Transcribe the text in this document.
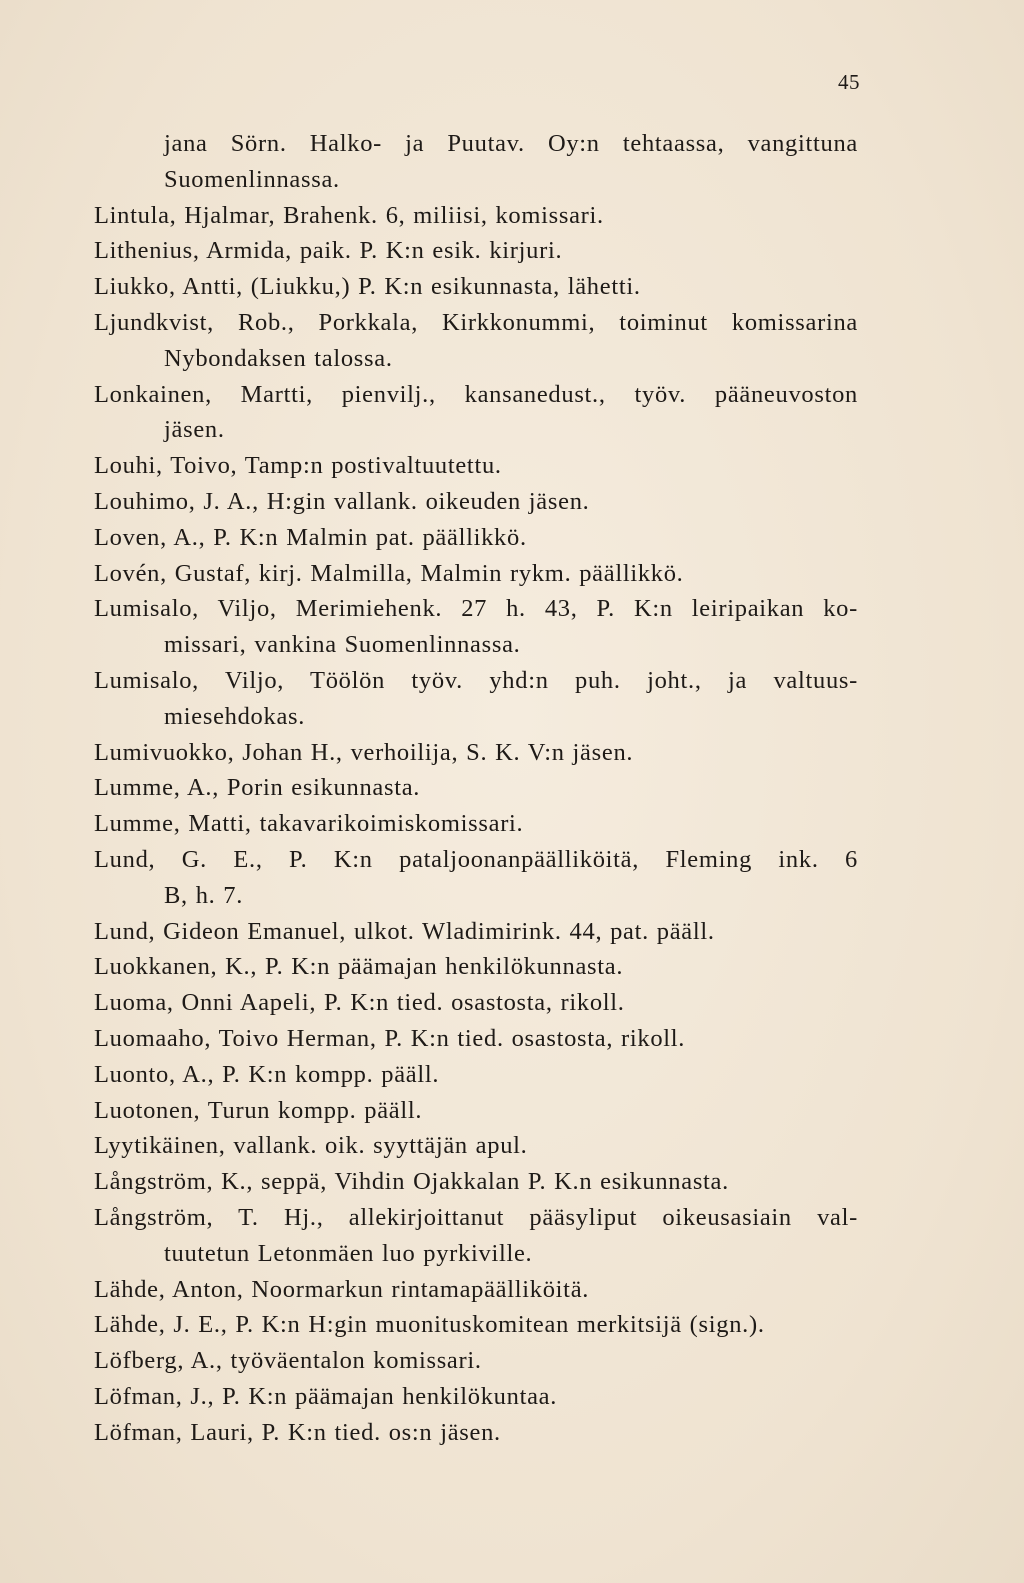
45
jana Sörn. Halko- ja Puutav. Oy:n tehtaassa, vangittuna
Suomenlinnassa.
Lintula, Hjalmar, Brahenk. 6, miliisi, komissari.
Lithenius, Armida, paik. P. K:n esik. kirjuri.
Liukko, Antti, (Liukku,) P. K:n esikunnasta, lähetti.
Ljundkvist, Rob., Porkkala, Kirkkonummi, toiminut komissarina
Nybondaksen talossa.
Lonkainen, Martti, pienvilj., kansanedust., työv. pääneuvoston
jäsen.
Louhi, Toivo, Tamp:n postivaltuutettu.
Louhimo, J. A., H:gin vallank. oikeuden jäsen.
Loven, A., P. K:n Malmin pat. päällikkö.
Lovén, Gustaf, kirj. Malmilla, Malmin rykm. päällikkö.
Lumisalo, Viljo, Merimiehenk. 27 h. 43, P. K:n leiripaikan ko-
missari, vankina Suomenlinnassa.
Lumisalo, Viljo, Töölön työv. yhd:n puh. joht., ja valtuus-
miesehdokas.
Lumivuokko, Johan H., verhoilija, S. K. V:n jäsen.
Lumme, A., Porin esikunnasta.
Lumme, Matti, takavarikoimiskomissari.
Lund, G. E., P. K:n pataljoonanpäälliköitä, Fleming ink. 6
B, h. 7.
Lund, Gideon Emanuel, ulkot. Wladimirink. 44, pat. pääll.
Luokkanen, K., P. K:n päämajan henkilökunnasta.
Luoma, Onni Aapeli, P. K:n tied. osastosta, rikoll.
Luomaaho, Toivo Herman, P. K:n tied. osastosta, rikoll.
Luonto, A., P. K:n kompp. pääll.
Luotonen, Turun kompp. pääll.
Lyytikäinen, vallank. oik. syyttäjän apul.
Långström, K., seppä, Vihdin Ojakkalan P. K.n esikunnasta.
Långström, T. Hj., allekirjoittanut pääsyliput oikeusasiain val-
tuutetun Letonmäen luo pyrkiville.
Lähde, Anton, Noormarkun rintamapäälliköitä.
Lähde, J. E., P. K:n H:gin muonituskomitean merkitsijä (sign.).
Löfberg, A., työväentalon komissari.
Löfman, J., P. K:n päämajan henkilökuntaa.
Löfman, Lauri, P. K:n tied. os:n jäsen.
